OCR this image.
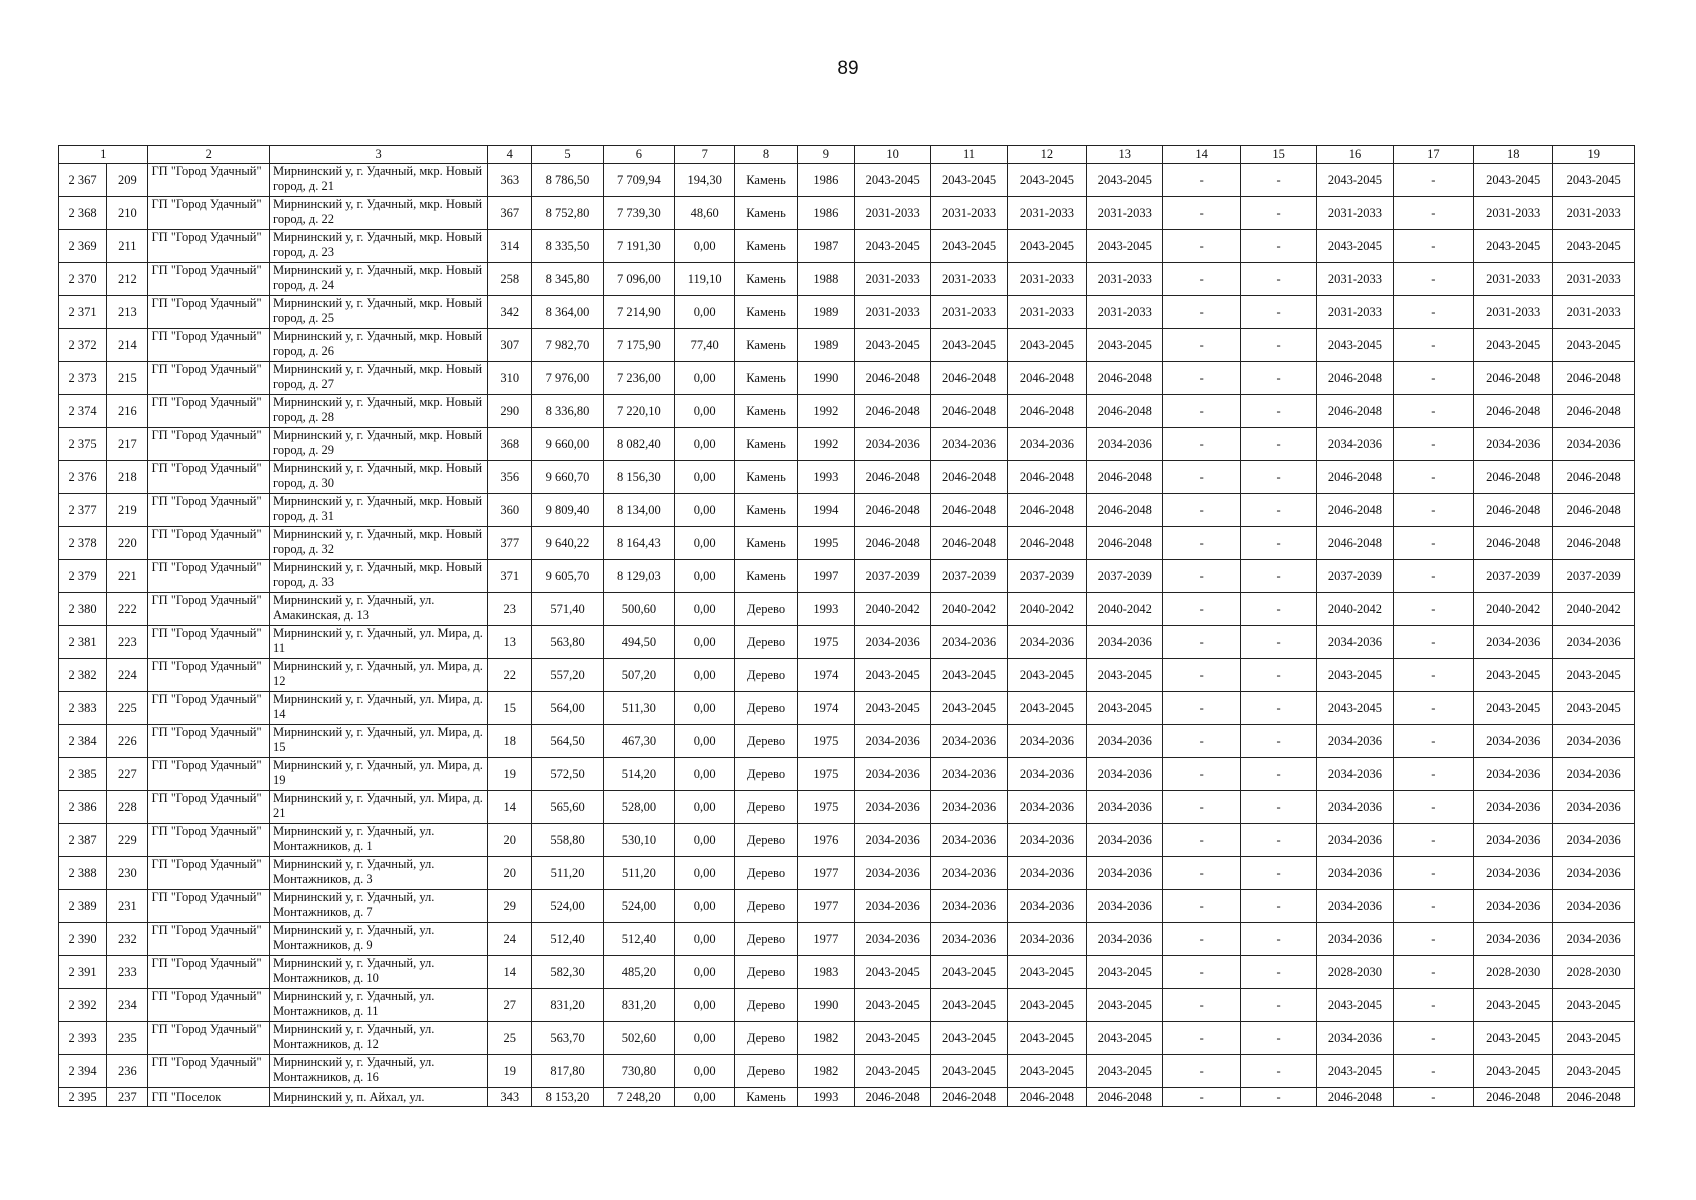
89
1		2	3	4	5	6	7	8	9	10	11	12	13	14	15	16	17	18	19
2 367	209	ГП "Город Удачный"	Мирнинский у, г. Удачный, мкр. Новый город, д. 21	363	8 786,50	7 709,94	194,30	Камень	1986	2043-2045	2043-2045	2043-2045	2043-2045	-	-	2043-2045	-	2043-2045	2043-2045
2 368	210	ГП "Город Удачный"	Мирнинский у, г. Удачный, мкр. Новый город, д. 22	367	8 752,80	7 739,30	48,60	Камень	1986	2031-2033	2031-2033	2031-2033	2031-2033	-	-	2031-2033	-	2031-2033	2031-2033
2 369	211	ГП "Город Удачный"	Мирнинский у, г. Удачный, мкр. Новый город, д. 23	314	8 335,50	7 191,30	0,00	Камень	1987	2043-2045	2043-2045	2043-2045	2043-2045	-	-	2043-2045	-	2043-2045	2043-2045
2 370	212	ГП "Город Удачный"	Мирнинский у, г. Удачный, мкр. Новый город, д. 24	258	8 345,80	7 096,00	119,10	Камень	1988	2031-2033	2031-2033	2031-2033	2031-2033	-	-	2031-2033	-	2031-2033	2031-2033
2 371	213	ГП "Город Удачный"	Мирнинский у, г. Удачный, мкр. Новый город, д. 25	342	8 364,00	7 214,90	0,00	Камень	1989	2031-2033	2031-2033	2031-2033	2031-2033	-	-	2031-2033	-	2031-2033	2031-2033
2 372	214	ГП "Город Удачный"	Мирнинский у, г. Удачный, мкр. Новый город, д. 26	307	7 982,70	7 175,90	77,40	Камень	1989	2043-2045	2043-2045	2043-2045	2043-2045	-	-	2043-2045	-	2043-2045	2043-2045
2 373	215	ГП "Город Удачный"	Мирнинский у, г. Удачный, мкр. Новый город, д. 27	310	7 976,00	7 236,00	0,00	Камень	1990	2046-2048	2046-2048	2046-2048	2046-2048	-	-	2046-2048	-	2046-2048	2046-2048
2 374	216	ГП "Город Удачный"	Мирнинский у, г. Удачный, мкр. Новый город, д. 28	290	8 336,80	7 220,10	0,00	Камень	1992	2046-2048	2046-2048	2046-2048	2046-2048	-	-	2046-2048	-	2046-2048	2046-2048
2 375	217	ГП "Город Удачный"	Мирнинский у, г. Удачный, мкр. Новый город, д. 29	368	9 660,00	8 082,40	0,00	Камень	1992	2034-2036	2034-2036	2034-2036	2034-2036	-	-	2034-2036	-	2034-2036	2034-2036
2 376	218	ГП "Город Удачный"	Мирнинский у, г. Удачный, мкр. Новый город, д. 30	356	9 660,70	8 156,30	0,00	Камень	1993	2046-2048	2046-2048	2046-2048	2046-2048	-	-	2046-2048	-	2046-2048	2046-2048
2 377	219	ГП "Город Удачный"	Мирнинский у, г. Удачный, мкр. Новый город, д. 31	360	9 809,40	8 134,00	0,00	Камень	1994	2046-2048	2046-2048	2046-2048	2046-2048	-	-	2046-2048	-	2046-2048	2046-2048
2 378	220	ГП "Город Удачный"	Мирнинский у, г. Удачный, мкр. Новый город, д. 32	377	9 640,22	8 164,43	0,00	Камень	1995	2046-2048	2046-2048	2046-2048	2046-2048	-	-	2046-2048	-	2046-2048	2046-2048
2 379	221	ГП "Город Удачный"	Мирнинский у, г. Удачный, мкр. Новый город, д. 33	371	9 605,70	8 129,03	0,00	Камень	1997	2037-2039	2037-2039	2037-2039	2037-2039	-	-	2037-2039	-	2037-2039	2037-2039
2 380	222	ГП "Город Удачный"	Мирнинский у, г. Удачный, ул. Амакинская, д. 13	23	571,40	500,60	0,00	Дерево	1993	2040-2042	2040-2042	2040-2042	2040-2042	-	-	2040-2042	-	2040-2042	2040-2042
2 381	223	ГП "Город Удачный"	Мирнинский у, г. Удачный, ул. Мира, д. 11	13	563,80	494,50	0,00	Дерево	1975	2034-2036	2034-2036	2034-2036	2034-2036	-	-	2034-2036	-	2034-2036	2034-2036
2 382	224	ГП "Город Удачный"	Мирнинский у, г. Удачный, ул. Мира, д. 12	22	557,20	507,20	0,00	Дерево	1974	2043-2045	2043-2045	2043-2045	2043-2045	-	-	2043-2045	-	2043-2045	2043-2045
2 383	225	ГП "Город Удачный"	Мирнинский у, г. Удачный, ул. Мира, д. 14	15	564,00	511,30	0,00	Дерево	1974	2043-2045	2043-2045	2043-2045	2043-2045	-	-	2043-2045	-	2043-2045	2043-2045
2 384	226	ГП "Город Удачный"	Мирнинский у, г. Удачный, ул. Мира, д. 15	18	564,50	467,30	0,00	Дерево	1975	2034-2036	2034-2036	2034-2036	2034-2036	-	-	2034-2036	-	2034-2036	2034-2036
2 385	227	ГП "Город Удачный"	Мирнинский у, г. Удачный, ул. Мира, д. 19	19	572,50	514,20	0,00	Дерево	1975	2034-2036	2034-2036	2034-2036	2034-2036	-	-	2034-2036	-	2034-2036	2034-2036
2 386	228	ГП "Город Удачный"	Мирнинский у, г. Удачный, ул. Мира, д. 21	14	565,60	528,00	0,00	Дерево	1975	2034-2036	2034-2036	2034-2036	2034-2036	-	-	2034-2036	-	2034-2036	2034-2036
2 387	229	ГП "Город Удачный"	Мирнинский у, г. Удачный, ул. Монтажников, д. 1	20	558,80	530,10	0,00	Дерево	1976	2034-2036	2034-2036	2034-2036	2034-2036	-	-	2034-2036	-	2034-2036	2034-2036
2 388	230	ГП "Город Удачный"	Мирнинский у, г. Удачный, ул. Монтажников, д. 3	20	511,20	511,20	0,00	Дерево	1977	2034-2036	2034-2036	2034-2036	2034-2036	-	-	2034-2036	-	2034-2036	2034-2036
2 389	231	ГП "Город Удачный"	Мирнинский у, г. Удачный, ул. Монтажников, д. 7	29	524,00	524,00	0,00	Дерево	1977	2034-2036	2034-2036	2034-2036	2034-2036	-	-	2034-2036	-	2034-2036	2034-2036
2 390	232	ГП "Город Удачный"	Мирнинский у, г. Удачный, ул. Монтажников, д. 9	24	512,40	512,40	0,00	Дерево	1977	2034-2036	2034-2036	2034-2036	2034-2036	-	-	2034-2036	-	2034-2036	2034-2036
2 391	233	ГП "Город Удачный"	Мирнинский у, г. Удачный, ул. Монтажников, д. 10	14	582,30	485,20	0,00	Дерево	1983	2043-2045	2043-2045	2043-2045	2043-2045	-	-	2028-2030	-	2028-2030	2028-2030
2 392	234	ГП "Город Удачный"	Мирнинский у, г. Удачный, ул. Монтажников, д. 11	27	831,20	831,20	0,00	Дерево	1990	2043-2045	2043-2045	2043-2045	2043-2045	-	-	2043-2045	-	2043-2045	2043-2045
2 393	235	ГП "Город Удачный"	Мирнинский у, г. Удачный, ул. Монтажников, д. 12	25	563,70	502,60	0,00	Дерево	1982	2043-2045	2043-2045	2043-2045	2043-2045	-	-	2034-2036	-	2043-2045	2043-2045
2 394	236	ГП "Город Удачный"	Мирнинский у, г. Удачный, ул. Монтажников, д. 16	19	817,80	730,80	0,00	Дерево	1982	2043-2045	2043-2045	2043-2045	2043-2045	-	-	2043-2045	-	2043-2045	2043-2045
2 395	237	ГП "Поселок	Мирнинский у, п. Айхал, ул.	343	8 153,20	7 248,20	0,00	Камень	1993	2046-2048	2046-2048	2046-2048	2046-2048	-	-	2046-2048	-	2046-2048	2046-2048
